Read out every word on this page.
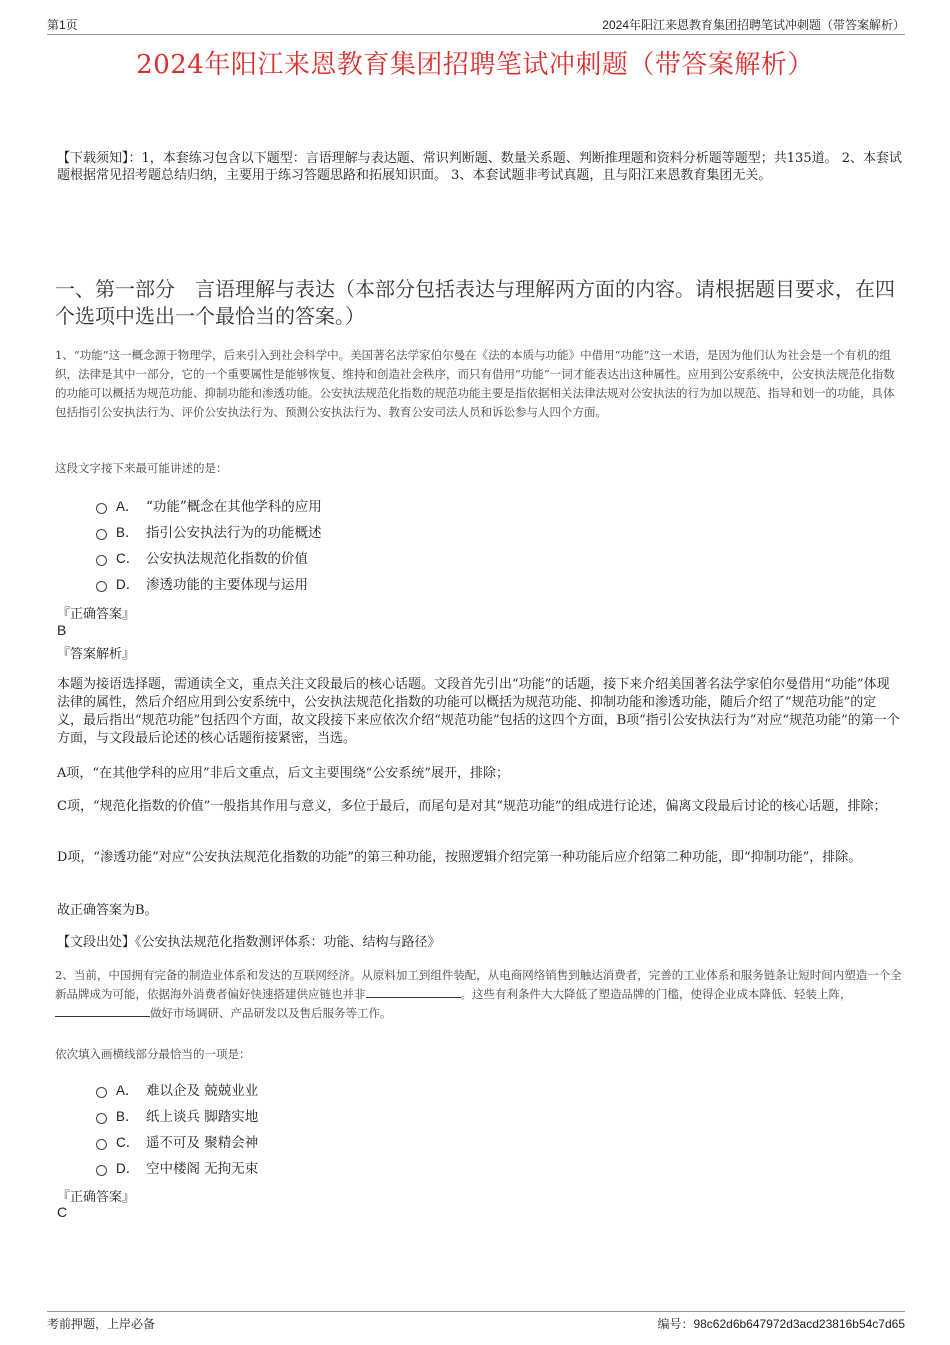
第1页	2024年阳江来恩教育集团招聘笔试冲刺题（带答案解析）
2024年阳江来恩教育集团招聘笔试冲刺题（带答案解析）
【下载须知】：1，本套练习包含以下题型：言语理解与表达题、常识判断题、数量关系题、判断推理题和资料分析题等题型；共135道。 2、本套试题根据常见招考题总结归纳，主要用于练习答题思路和拓展知识面。 3、本套试题非考试真题，且与阳江来恩教育集团无关。
一、第一部分　言语理解与表达（本部分包括表达与理解两方面的内容。请根据题目要求，在四个选项中选出一个最恰当的答案。）
1、“功能”这一概念源于物理学，后来引入到社会科学中。美国著名法学家伯尔曼在《法的本质与功能》中借用“功能”这一术语，是因为他们认为社会是一个有机的组织，法律是其中一部分，它的一个重要属性是能够恢复、维持和创造社会秩序，而只有借用“功能”一词才能表达出这种属性。应用到公安系统中，公安执法规范化指数的功能可以概括为规范功能、抑制功能和渗透功能。公安执法规范化指数的规范功能主要是指依据相关法律法规对公安执法的行为加以规范、指导和划一的功能，具体包括指引公安执法行为、评价公安执法行为、预测公安执法行为、教育公安司法人员和诉讼参与人四个方面。
这段文字接下来最可能讲述的是：
A． “功能”概念在其他学科的应用
B． 指引公安执法行为的功能概述
C． 公安执法规范化指数的价值
D． 渗透功能的主要体现与运用
『正确答案』
B
『答案解析』
本题为接语选择题，需通读全文，重点关注文段最后的核心话题。文段首先引出“功能”的话题，接下来介绍美国著名法学家伯尔曼借用“功能”体现法律的属性，然后介绍应用到公安系统中，公安执法规范化指数的功能可以概括为规范功能、抑制功能和渗透功能，随后介绍了“规范功能”的定义，最后指出“规范功能”包括四个方面，故文段接下来应依次介绍“规范功能”包括的这四个方面，B项“指引公安执法行为”对应“规范功能”的第一个方面，与文段最后论述的核心话题衔接紧密，当选。
A项，“在其他学科的应用”非后文重点，后文主要围绕“公安系统”展开，排除；
C项，“规范化指数的价值”一般指其作用与意义，多位于最后，而尾句是对其“规范功能”的组成进行论述，偏离文段最后讨论的核心话题，排除；
D项，“渗透功能”对应“公安执法规范化指数的功能”的第三种功能，按照逻辑介绍完第一种功能后应介绍第二种功能，即“抑制功能”，排除。
故正确答案为B。
【文段出处】《公安执法规范化指数测评体系：功能、结构与路径》
2、当前，中国拥有完备的制造业体系和发达的互联网经济。从原料加工到组件装配，从电商网络销售到触达消费者，完善的工业体系和服务链条让短时间内塑造一个全新品牌成为可能，依据海外消费者偏好快速搭建供应链也并非	。这些有利条件大大降低了塑造品牌的门槛，使得企业成本降低、轻装上阵，做好市场调研、产品研发以及售后服务等工作。
依次填入画横线部分最恰当的一项是：
A． 难以企及 兢兢业业
B． 纸上谈兵 脚踏实地
C． 遥不可及 聚精会神
D． 空中楼阁 无拘无束
『正确答案』
C
考前押题，上岸必备	编号：98c62d6b647972d3acd23816b54c7d65
